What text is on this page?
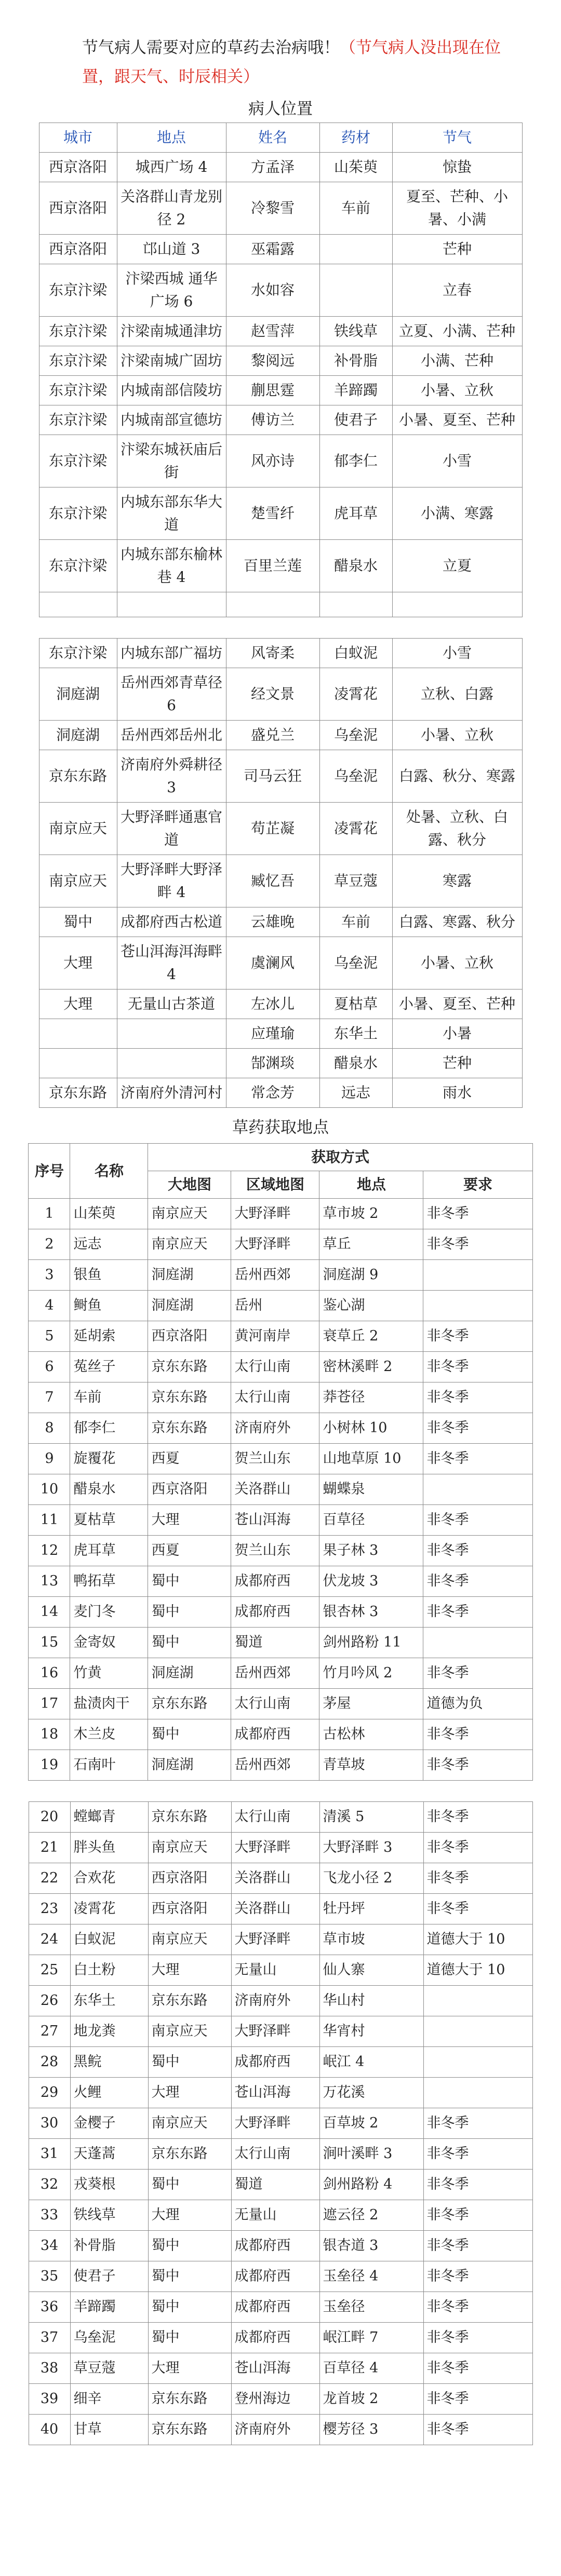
节气病人需要对应的草药去治病哦！（节气病人没出现在位置，跟天气、时辰相关）
病人位置
城市	地点	姓名	药材	节气
西京洛阳	城西广场 4	方孟泽	山茱萸	惊蛰
西京洛阳	关洛群山青龙别径 2	冷黎雪	车前	夏至、芒种、小暑、小满
西京洛阳	邙山道 3	巫霜露		芒种
东京汴梁	汴梁西城 通华广场 6	水如容		立春
东京汴梁	汴梁南城通津坊	赵雪萍	铁线草	立夏、小满、芒种
东京汴梁	汴梁南城广固坊	黎阅远	补骨脂	小满、芒种
东京汴梁	内城南部信陵坊	蒯思霆	羊蹄躅	小暑、立秋
东京汴梁	内城南部宣德坊	傅访兰	使君子	小暑、夏至、芒种
东京汴梁	汴梁东城祆庙后街	风亦诗	郁李仁	小雪
东京汴梁	内城东部东华大道	楚雪纤	虎耳草	小满、寒露
东京汴梁	内城东部东榆林巷 4	百里兰莲	醋泉水	立夏

东京汴梁	内城东部广福坊	风寄柔	白蚁泥	小雪
洞庭湖	岳州西郊青草径 6	经文景	凌霄花	立秋、白露
洞庭湖	岳州西郊岳州北	盛兑兰	乌垒泥	小暑、立秋
京东东路	济南府外舜耕径 3	司马云狂	乌垒泥	白露、秋分、寒露
南京应天	大野泽畔通惠官道	苟芷凝	凌霄花	处暑、立秋、白露、秋分
南京应天	大野泽畔大野泽畔 4	臧忆吾	草豆蔻	寒露
蜀中	成都府西古松道	云雄晚	车前	白露、寒露、秋分
大理	苍山洱海洱海畔 4	虞澜风	乌垒泥	小暑、立秋
大理	无量山古茶道	左冰儿	夏枯草	小暑、夏至、芒种
		应瑾瑜	东华土	小暑
		郜渊琰	醋泉水	芒种
京东东路	济南府外清河村	常念芳	远志	雨水
草药获取地点
序号	名称	获取方式			
		大地图	区域地图	地点	要求
1	山茱萸	南京应天	大野泽畔	草市坡 2	非冬季
2	远志	南京应天	大野泽畔	草丘	非冬季
3	银鱼	洞庭湖	岳州西郊	洞庭湖 9	
4	鲥鱼	洞庭湖	岳州	鉴心湖	
5	延胡索	西京洛阳	黄河南岸	衰草丘 2	非冬季
6	菟丝子	京东东路	太行山南	密林溪畔 2	非冬季
7	车前	京东东路	太行山南	莽苍径	非冬季
8	郁李仁	京东东路	济南府外	小树林 10	非冬季
9	旋覆花	西夏	贺兰山东	山地草原 10	非冬季
10	醋泉水	西京洛阳	关洛群山	蝴蝶泉	
11	夏枯草	大理	苍山洱海	百草径	非冬季
12	虎耳草	西夏	贺兰山东	果子林 3	非冬季
13	鸭拓草	蜀中	成都府西	伏龙坡 3	非冬季
14	麦门冬	蜀中	成都府西	银杏林 3	非冬季
15	金寄奴	蜀中	蜀道	剑州路粉 11	
16	竹黄	洞庭湖	岳州西郊	竹月吟风 2	非冬季
17	盐渍肉干	京东东路	太行山南	茅屋	道德为负
18	木兰皮	蜀中	成都府西	古松林	非冬季
19	石南叶	洞庭湖	岳州西郊	青草坡	非冬季
20	螳螂青	京东东路	太行山南	清溪 5	非冬季
21	胖头鱼	南京应天	大野泽畔	大野泽畔 3	非冬季
22	合欢花	西京洛阳	关洛群山	飞龙小径 2	非冬季
23	凌霄花	西京洛阳	关洛群山	牡丹坪	非冬季
24	白蚁泥	南京应天	大野泽畔	草市坡	道德大于 10
25	白土粉	大理	无量山	仙人寨	道德大于 10
26	东华土	京东东路	济南府外	华山村	
27	地龙粪	南京应天	大野泽畔	华宵村	
28	黑鲩	蜀中	成都府西	岷江 4	
29	火鲤	大理	苍山洱海	万花溪	
30	金樱子	南京应天	大野泽畔	百草坡 2	非冬季
31	天蓬蒿	京东东路	太行山南	涧叶溪畔 3	非冬季
32	戎葵根	蜀中	蜀道	剑州路粉 4	非冬季
33	铁线草	大理	无量山	遮云径 2	非冬季
34	补骨脂	蜀中	成都府西	银杏道 3	非冬季
35	使君子	蜀中	成都府西	玉垒径 4	非冬季
36	羊蹄躅	蜀中	成都府西	玉垒径	非冬季
37	乌垒泥	蜀中	成都府西	岷江畔 7	非冬季
38	草豆蔻	大理	苍山洱海	百草径 4	非冬季
39	细辛	京东东路	登州海边	龙首坡 2	非冬季
40	甘草	京东东路	济南府外	樱芳径 3	非冬季
